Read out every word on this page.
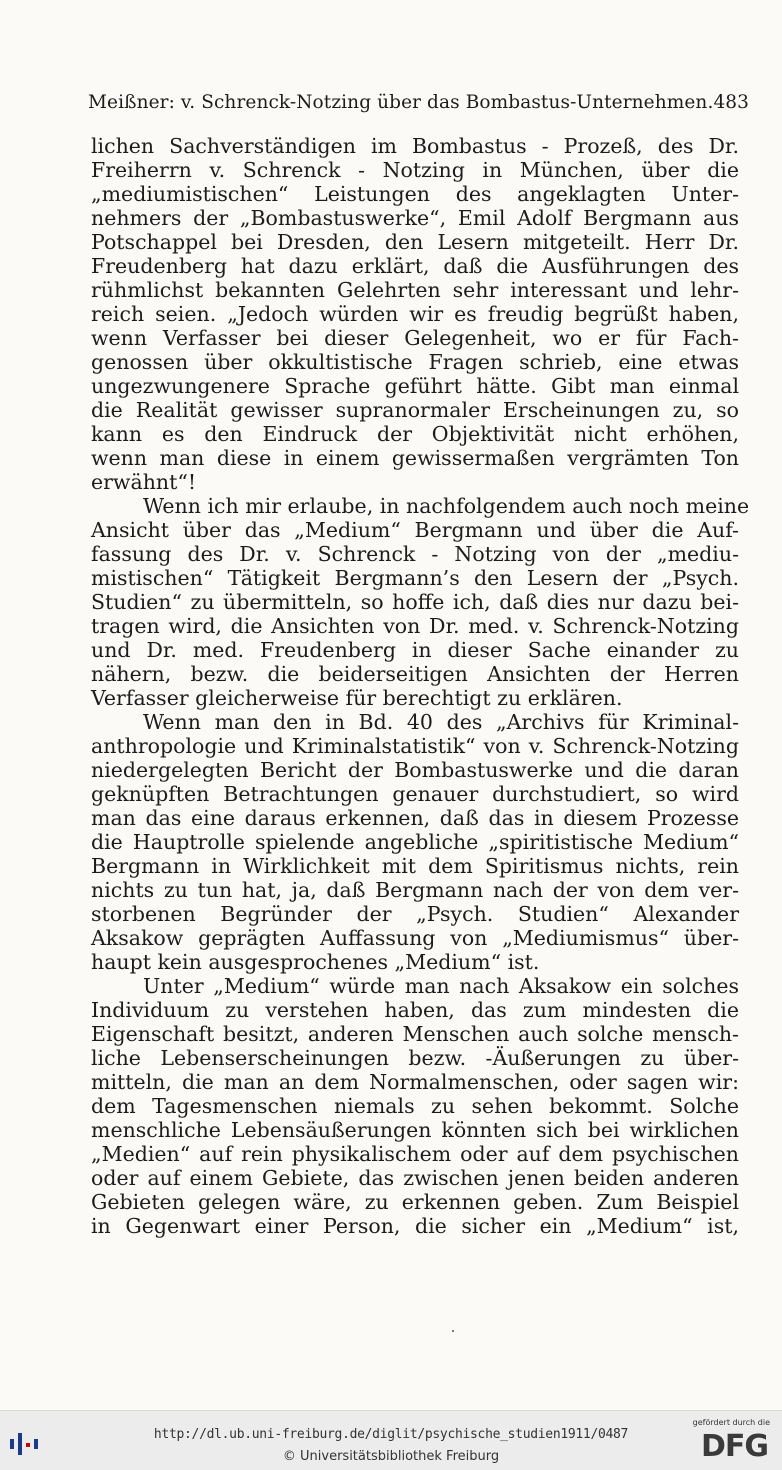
Meißner: v. Schrenck-Notzing über das Bombastus-Unternehmen. 483
lichen Sachverständigen im Bombastus - Prozeß, des Dr.
Freiherrn v. Schrenck - Notzing in München, über die
„mediumistischen“ Leistungen des angeklagten Unter-
nehmers der „Bombastuswerke“, Emil Adolf Bergmann aus
Potschappel bei Dresden, den Lesern mitgeteilt. Herr Dr.
Freudenberg hat dazu erklärt, daß die Ausführungen des
rühmlichst bekannten Gelehrten sehr interessant und lehr-
reich seien. „Jedoch würden wir es freudig begrüßt haben,
wenn Verfasser bei dieser Gelegenheit, wo er für Fach-
genossen über okkultistische Fragen schrieb, eine etwas
ungezwungenere Sprache geführt hätte. Gibt man einmal
die Realität gewisser supranormaler Erscheinungen zu, so
kann es den Eindruck der Objektivität nicht erhöhen,
wenn man diese in einem gewissermaßen vergrämten Ton
erwähnt“!
Wenn ich mir erlaube, in nachfolgendem auch noch meine
Ansicht über das „Medium“ Bergmann und über die Auf-
fassung des Dr. v. Schrenck - Notzing von der „mediu-
mistischen“ Tätigkeit Bergmann’s den Lesern der „Psych.
Studien“ zu übermitteln, so hoffe ich, daß dies nur dazu bei-
tragen wird, die Ansichten von Dr. med. v. Schrenck-Notzing
und Dr. med. Freudenberg in dieser Sache einander zu
nähern, bezw. die beiderseitigen Ansichten der Herren
Verfasser gleicherweise für berechtigt zu erklären.
Wenn man den in Bd. 40 des „Archivs für Kriminal-
anthropologie und Kriminalstatistik“ von v. Schrenck-Notzing
niedergelegten Bericht der Bombastuswerke und die daran
geknüpften Betrachtungen genauer durchstudiert, so wird
man das eine daraus erkennen, daß das in diesem Prozesse
die Hauptrolle spielende angebliche „spiritistische Medium“
Bergmann in Wirklichkeit mit dem Spiritismus nichts, rein
nichts zu tun hat, ja, daß Bergmann nach der von dem ver-
storbenen Begründer der „Psych. Studien“ Alexander
Aksakow geprägten Auffassung von „Mediumismus“ über-
haupt kein ausgesprochenes „Medium“ ist.
Unter „Medium“ würde man nach Aksakow ein solches
Individuum zu verstehen haben, das zum mindesten die
Eigenschaft besitzt, anderen Menschen auch solche mensch-
liche Lebenserscheinungen bezw. -Äußerungen zu über-
mitteln, die man an dem Normalmenschen, oder sagen wir:
dem Tagesmenschen niemals zu sehen bekommt. Solche
menschliche Lebensäußerungen könnten sich bei wirklichen
„Medien“ auf rein physikalischem oder auf dem psychischen
oder auf einem Gebiete, das zwischen jenen beiden anderen
Gebieten gelegen wäre, zu erkennen geben. Zum Beispiel
in Gegenwart einer Person, die sicher ein „Medium“ ist,
http://dl.ub.uni-freiburg.de/diglit/psychische_studien1911/0487
© Universitätsbibliothek Freiburg
gefördert durch die
DFG
